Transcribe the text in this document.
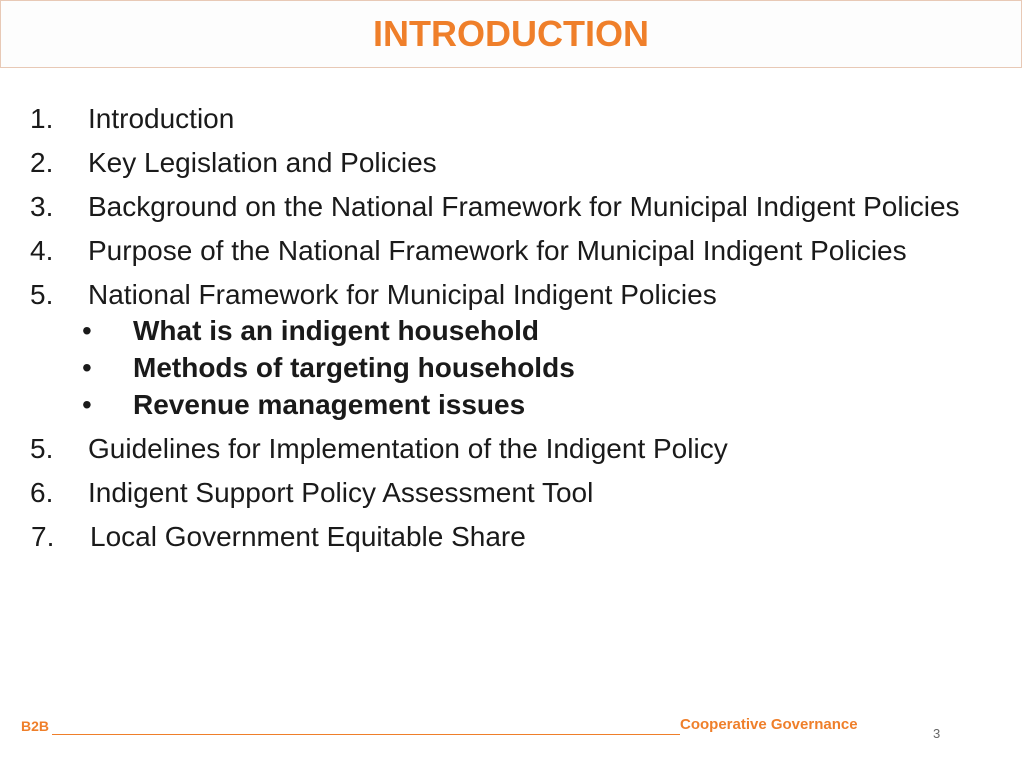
INTRODUCTION
1.	Introduction
2.	Key Legislation and Policies
3.	Background on the National Framework for Municipal Indigent Policies
4.	Purpose of the National Framework for Municipal Indigent Policies
5.	National Framework for Municipal Indigent Policies
• What is an indigent household
• Methods of targeting households
• Revenue management issues
5.	Guidelines for Implementation of the Indigent Policy
6.	Indigent Support Policy Assessment Tool
7.	Local Government Equitable Share
B2B	Cooperative Governance
3
